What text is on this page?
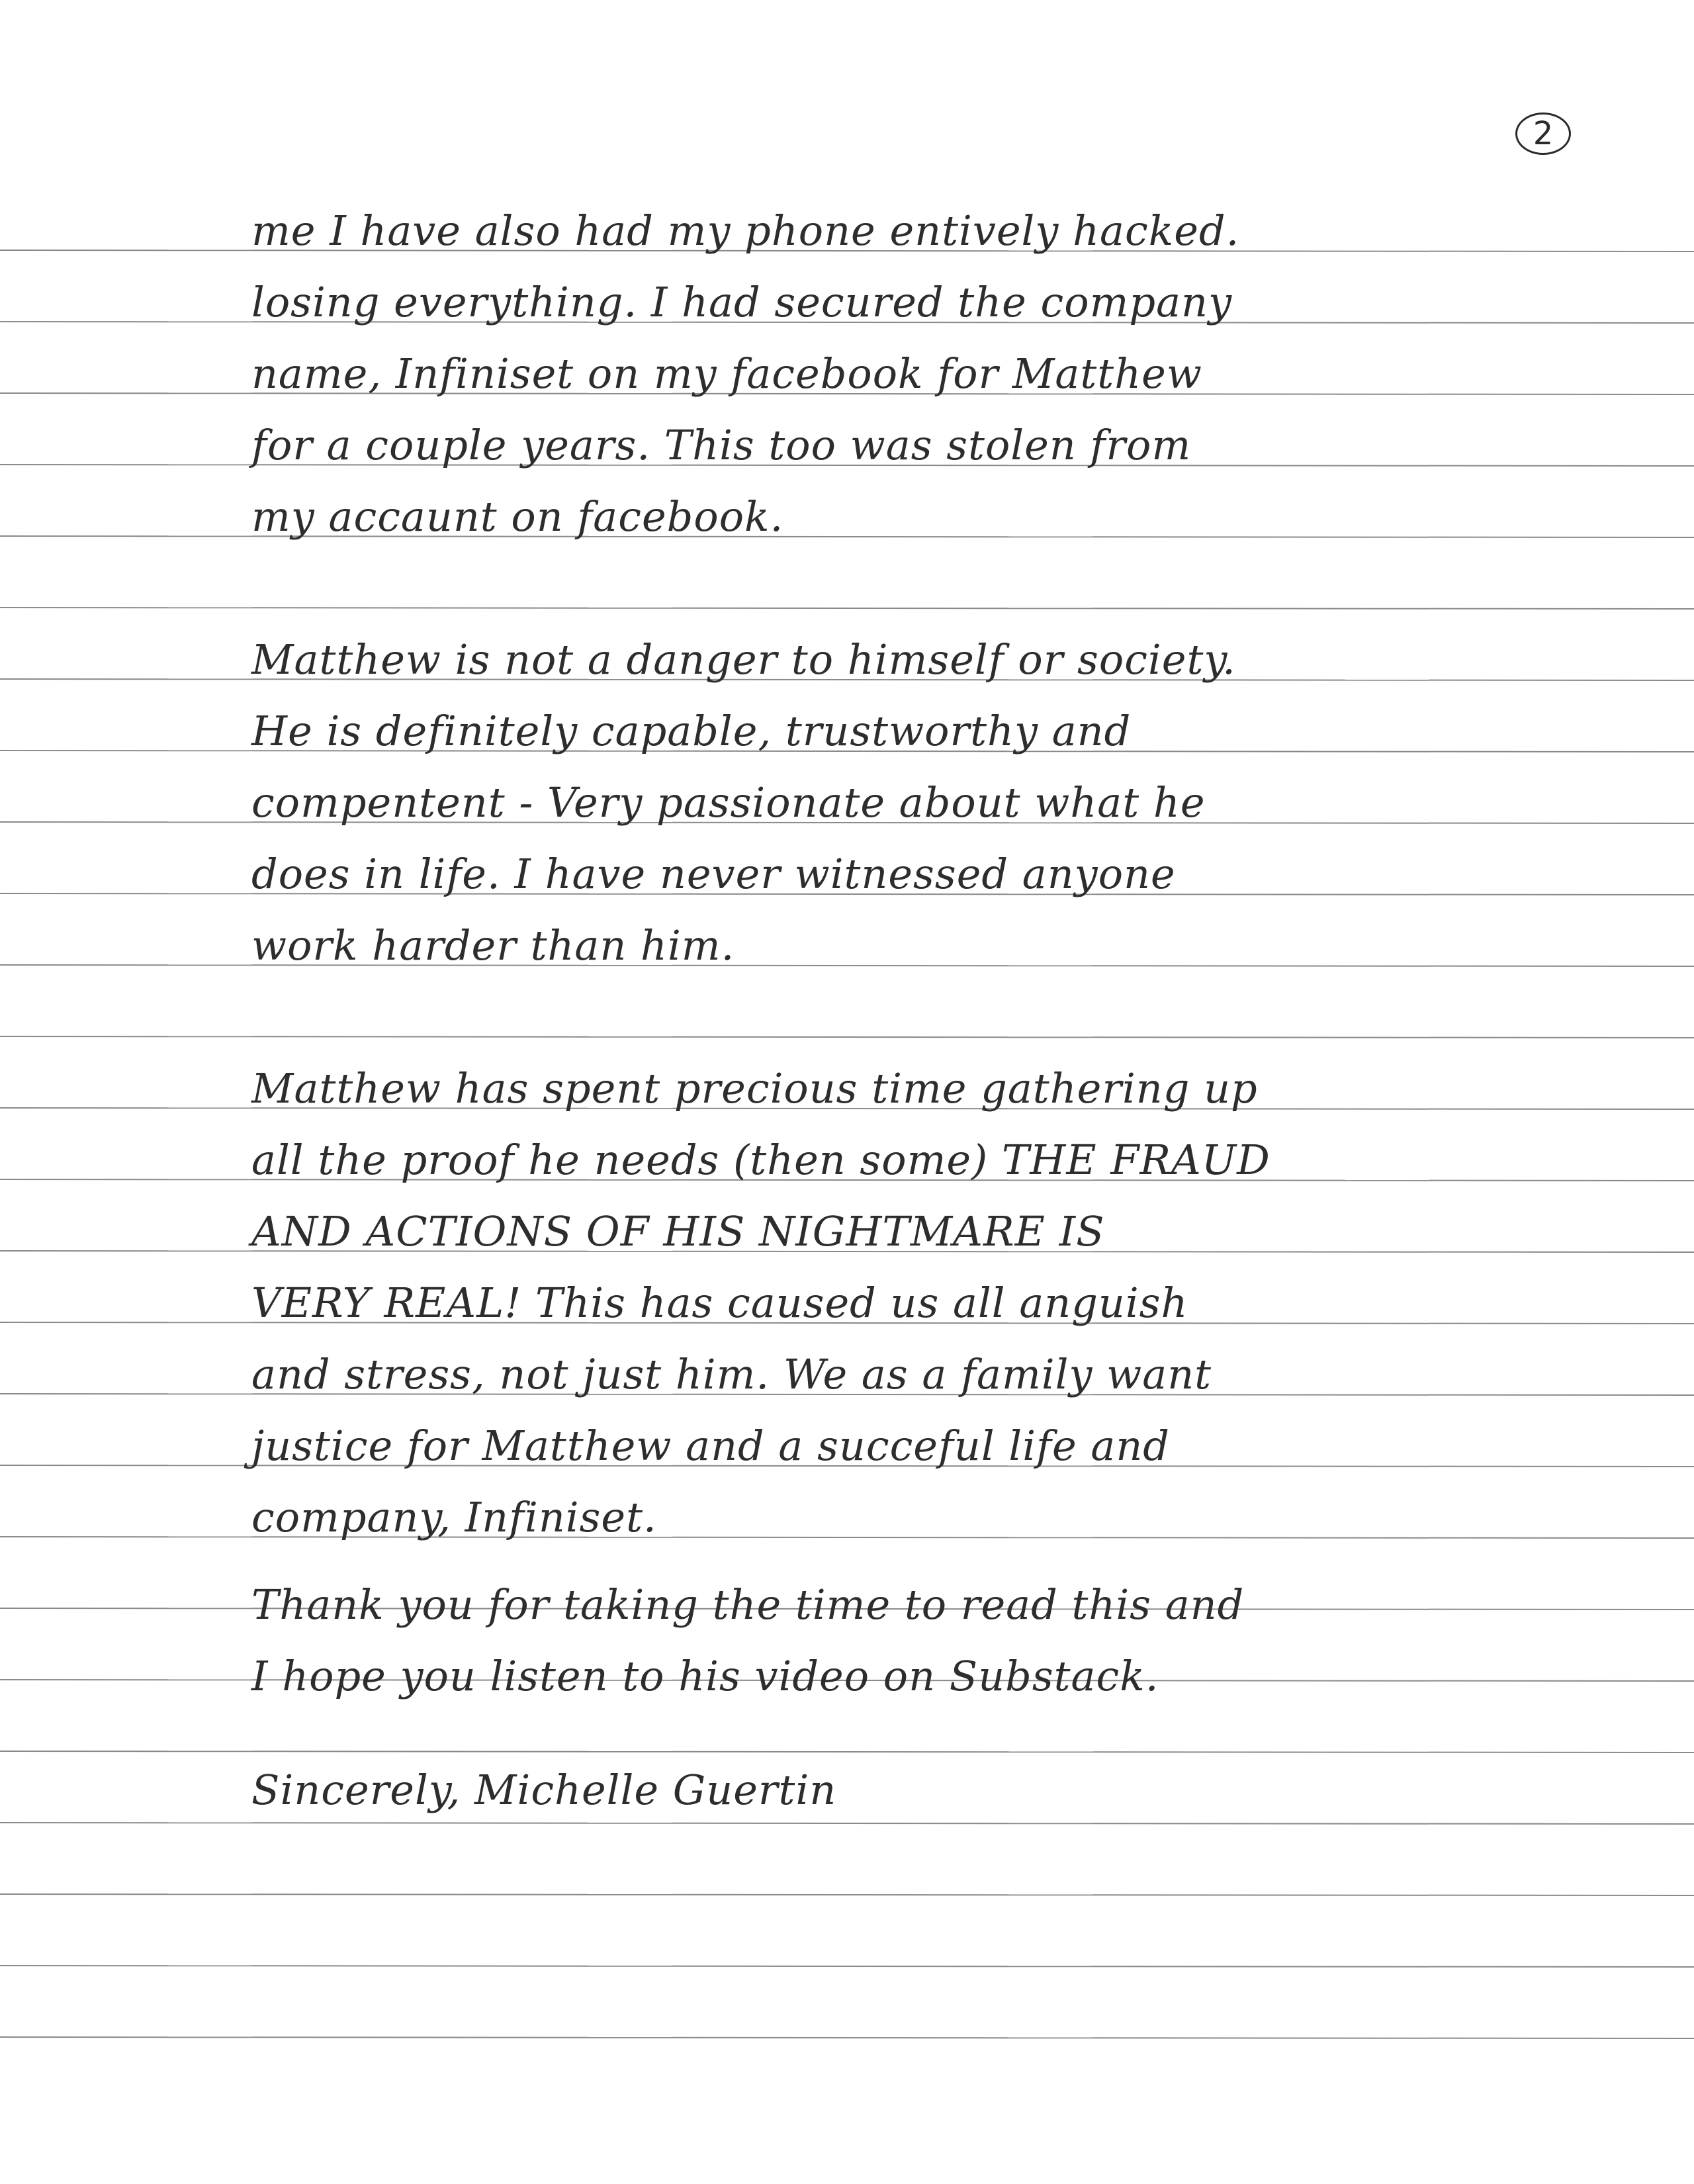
2
me I have also had my phone entively hacked.
losing everything. I had secured the company
name, Infiniset on my facebook for Matthew
for a couple years. This too was stolen from
my accaunt on facebook.
Matthew is not a danger to himself or society.
He is definitely capable, trustworthy and
compentent - Very passionate about what he
does in life. I have never witnessed anyone
work harder than him.
Matthew has spent precious time gathering up
all the proof he needs (then some) THE FRAUD
AND ACTIONS OF HIS NIGHTMARE IS
VERY REAL! This has caused us all anguish
and stress, not just him. We as a family want
justice for Matthew and a succeful life and
company, Infiniset.
Thank you for taking the time to read this and
I hope you listen to his video on Substack.
Sincerely, Michelle Guertin
